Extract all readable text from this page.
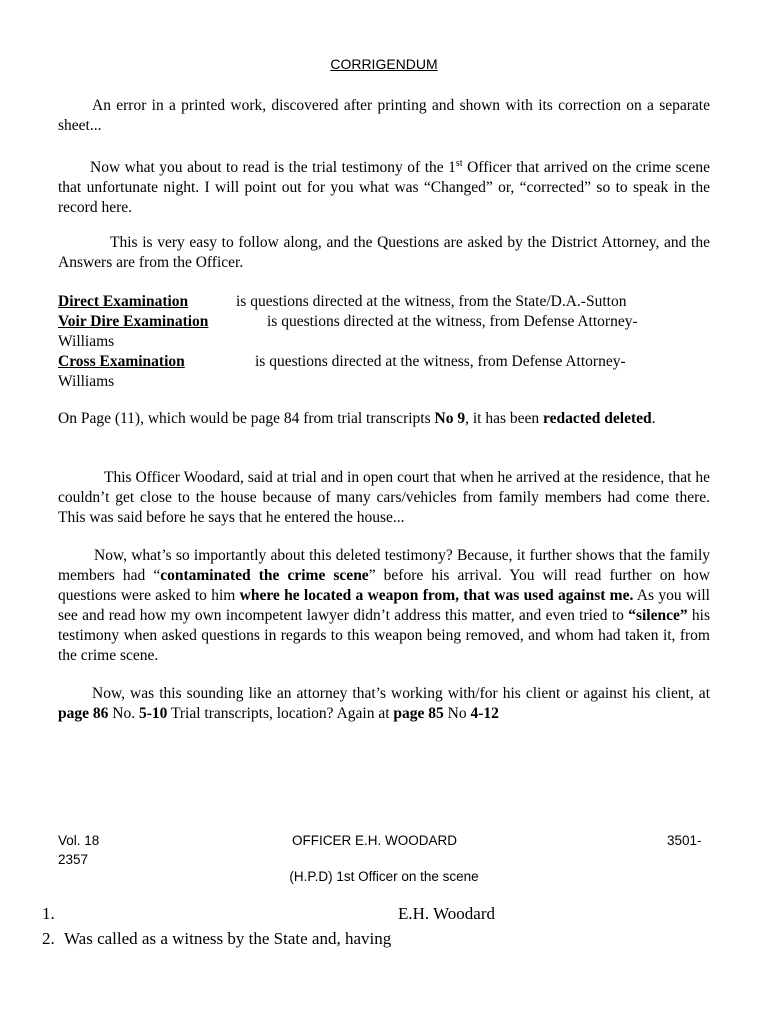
CORRIGENDUM
An error in a printed work, discovered after printing and shown with its correction on a separate sheet...
Now what you about to read is the trial testimony of the 1st Officer that arrived on the crime scene that unfortunate night. I will point out for you what was “Changed” or, “corrected” so to speak in the record here.
This is very easy to follow along, and the Questions are asked by the District Attorney, and the Answers are from the Officer.
Direct Examination	is questions directed at the witness, from the State/D.A.-Sutton
Voir Dire Examination	is questions directed at the witness, from Defense Attorney-
Williams
Cross Examination	is questions directed at the witness, from Defense Attorney-
Williams
On Page (11), which would be page 84 from trial transcripts No 9, it has been redacted deleted.
This Officer Woodard, said at trial and in open court that when he arrived at the residence, that he couldn’t get close to the house because of many cars/vehicles from family members had come there. This was said before he says that he entered the house...
Now, what’s so importantly about this deleted testimony? Because, it further shows that the family members had “contaminated the crime scene” before his arrival. You will read further on how questions were asked to him where he located a weapon from, that was used against me. As you will see and read how my own incompetent lawyer didn’t address this matter, and even tried to “silence” his testimony when asked questions in regards to this weapon being removed, and whom had taken it, from the crime scene.
Now, was this sounding like an attorney that’s working with/for his client or against his client, at page 86 No. 5-10 Trial transcripts, location? Again at page 85 No 4-12
Vol. 18	OFFICER E.H. WOODARD	3501-
2357
(H.P.D) 1st Officer on the scene
1.	E.H. Woodard
2. Was called as a witness by the State and, having
